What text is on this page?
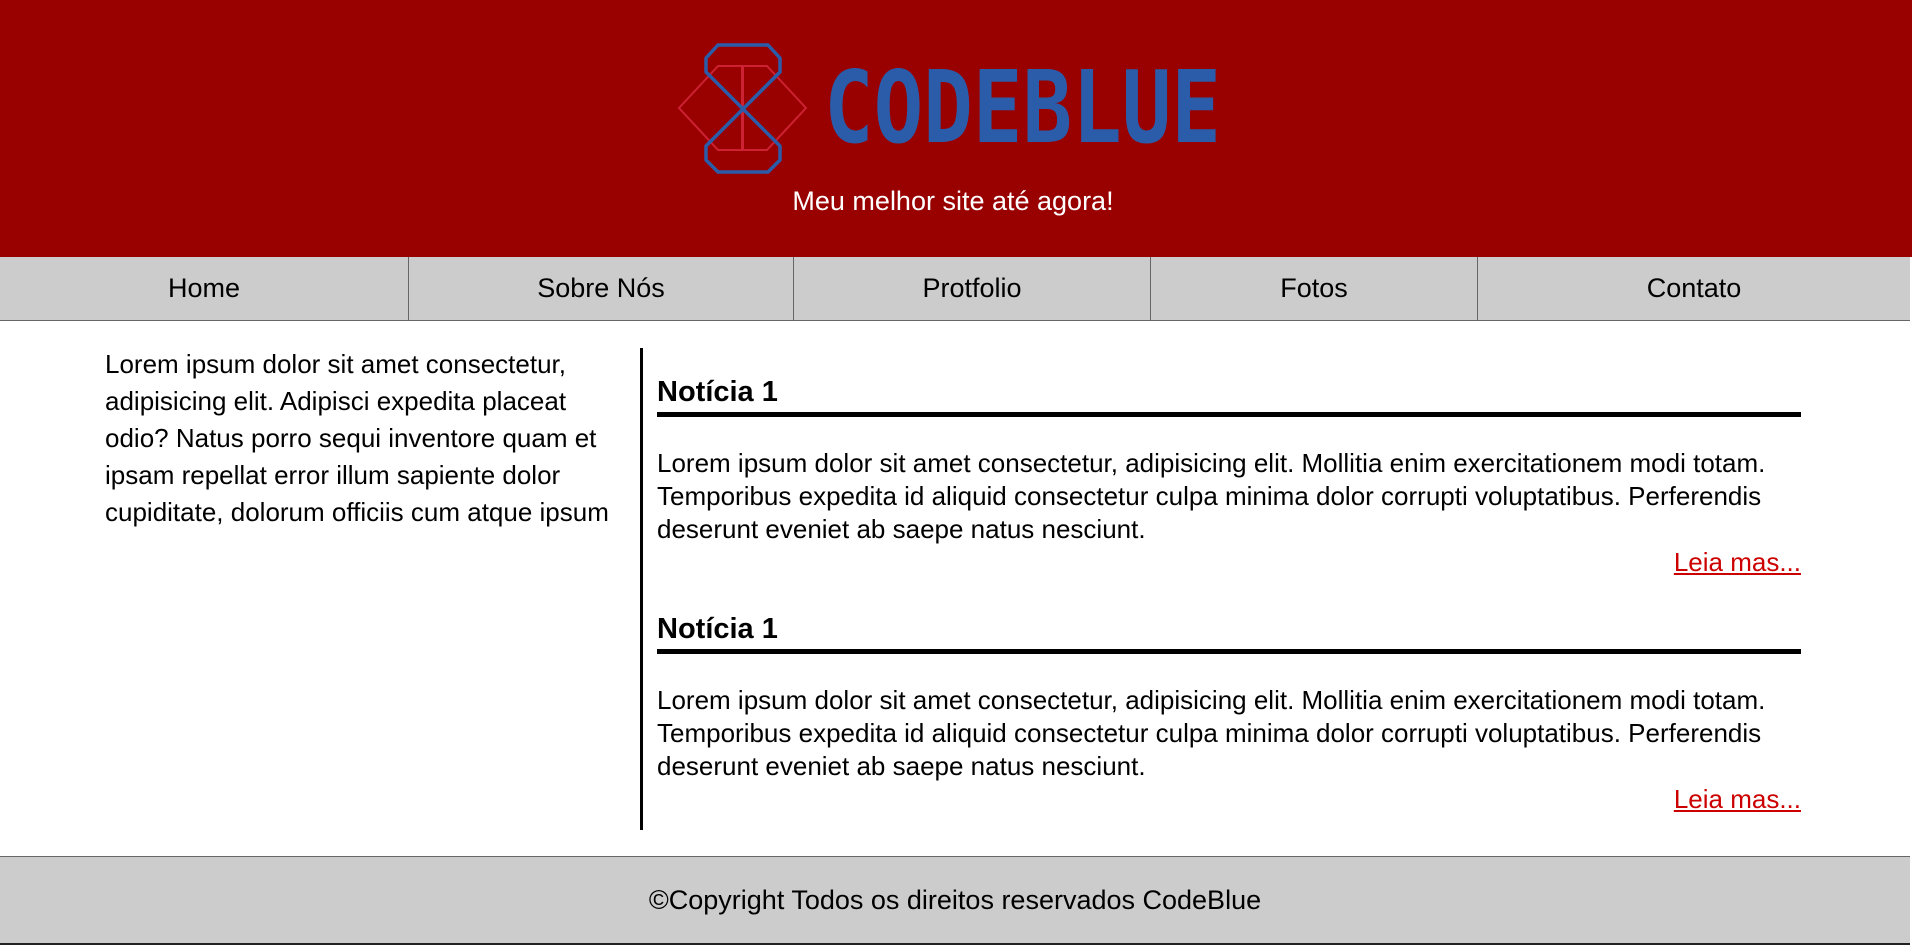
CODEBLUE
Meu melhor site até agora!
Home	Sobre Nós	Protfolio	Fotos	Contato
Lorem ipsum dolor sit amet consectetur, adipisicing elit. Adipisci expedita placeat odio? Natus porro sequi inventore quam et ipsam repellat error illum sapiente dolor cupiditate, dolorum officiis cum atque ipsum
Notícia 1

Lorem ipsum dolor sit amet consectetur, adipisicing elit. Mollitia enim exercitationem modi totam. Temporibus expedita id aliquid consectetur culpa minima dolor corrupti voluptatibus. Perferendis deserunt eveniet ab saepe natus nesciunt.

Leia mas...
Notícia 1

Lorem ipsum dolor sit amet consectetur, adipisicing elit. Mollitia enim exercitationem modi totam. Temporibus expedita id aliquid consectetur culpa minima dolor corrupti voluptatibus. Perferendis deserunt eveniet ab saepe natus nesciunt.

Leia mas...
©Copyright Todos os direitos reservados CodeBlue
